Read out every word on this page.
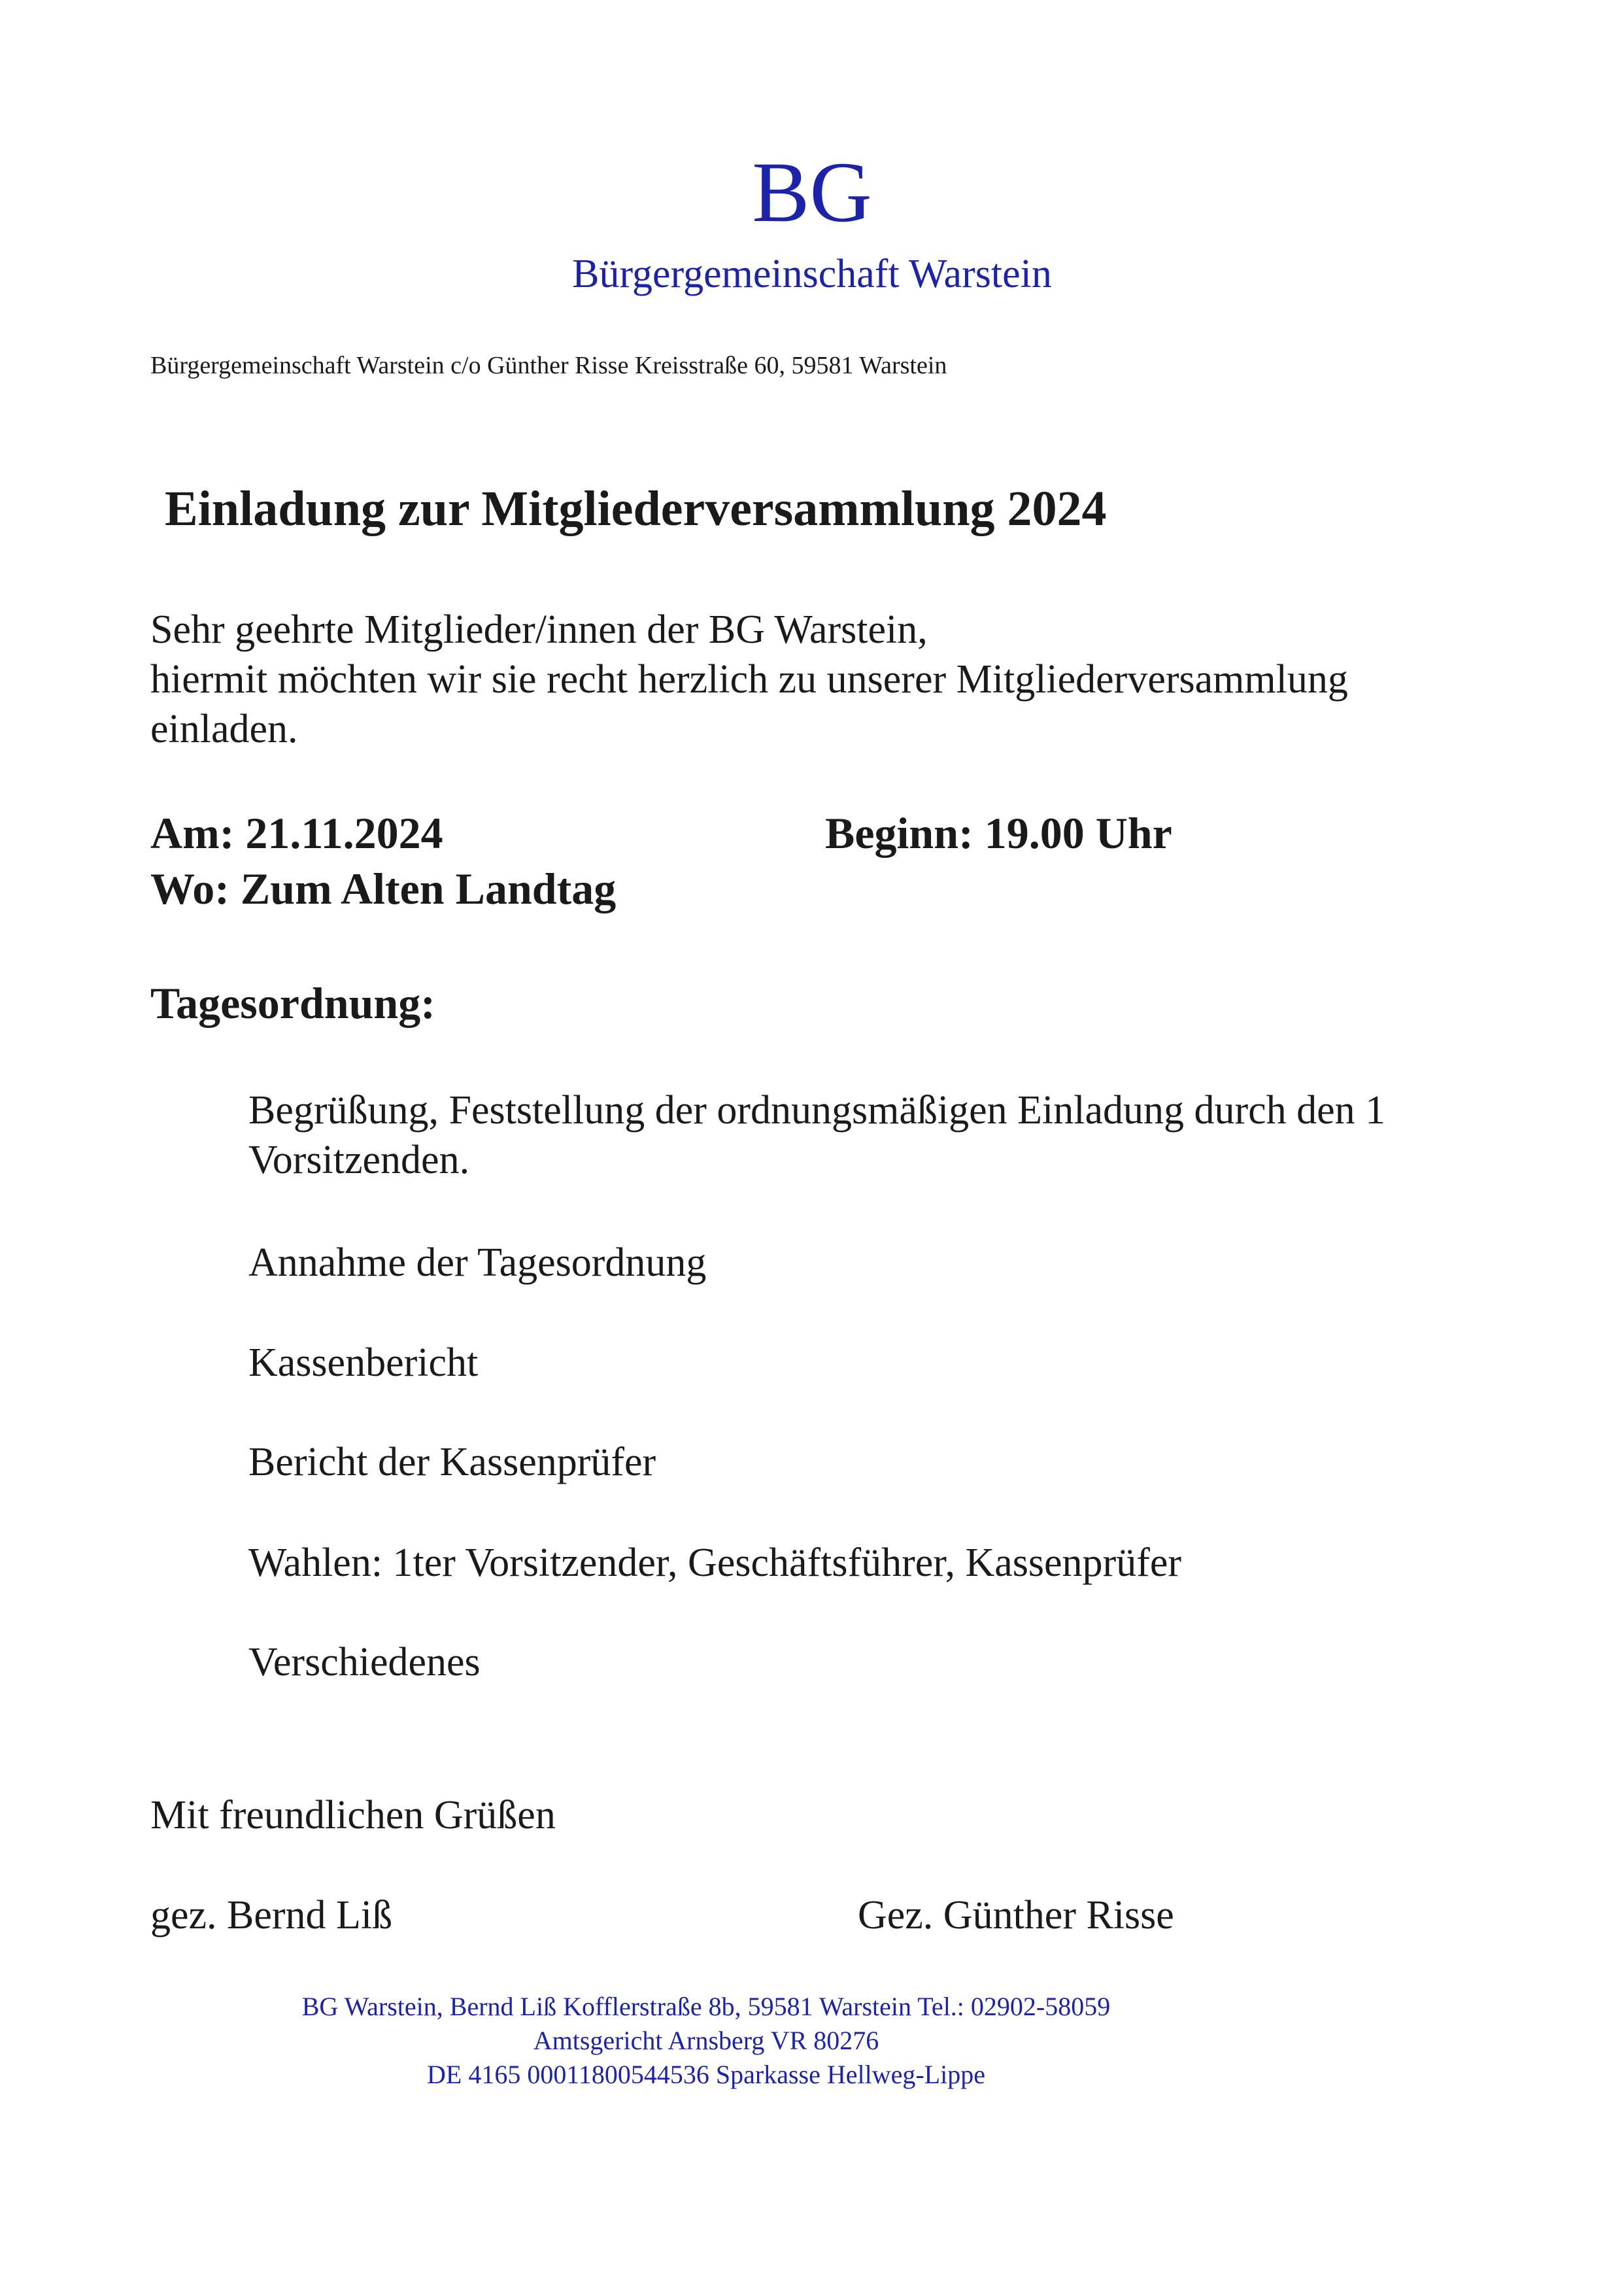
BG
Bürgergemeinschaft Warstein
Bürgergemeinschaft Warstein c/o Günther Risse Kreisstraße 60, 59581 Warstein
Einladung zur Mitgliederversammlung 2024
Sehr geehrte Mitglieder/innen der BG Warstein,
hiermit möchten wir sie recht herzlich zu unserer Mitgliederversammlung
einladen.
Am: 21.11.2024	Beginn: 19.00 Uhr
Wo: Zum Alten Landtag
Tagesordnung:
Begrüßung, Feststellung der ordnungsmäßigen Einladung durch den 1 Vorsitzenden.
Annahme der Tagesordnung
Kassenbericht
Bericht der Kassenprüfer
Wahlen: 1ter Vorsitzender, Geschäftsführer, Kassenprüfer
Verschiedenes
Mit freundlichen Grüßen
gez. Bernd Liß	Gez. Günther Risse
BG Warstein, Bernd Liß Kofflerstraße 8b, 59581 Warstein Tel.: 02902-58059
Amtsgericht Arnsberg VR 80276
DE 4165 00011800544536 Sparkasse Hellweg-Lippe
